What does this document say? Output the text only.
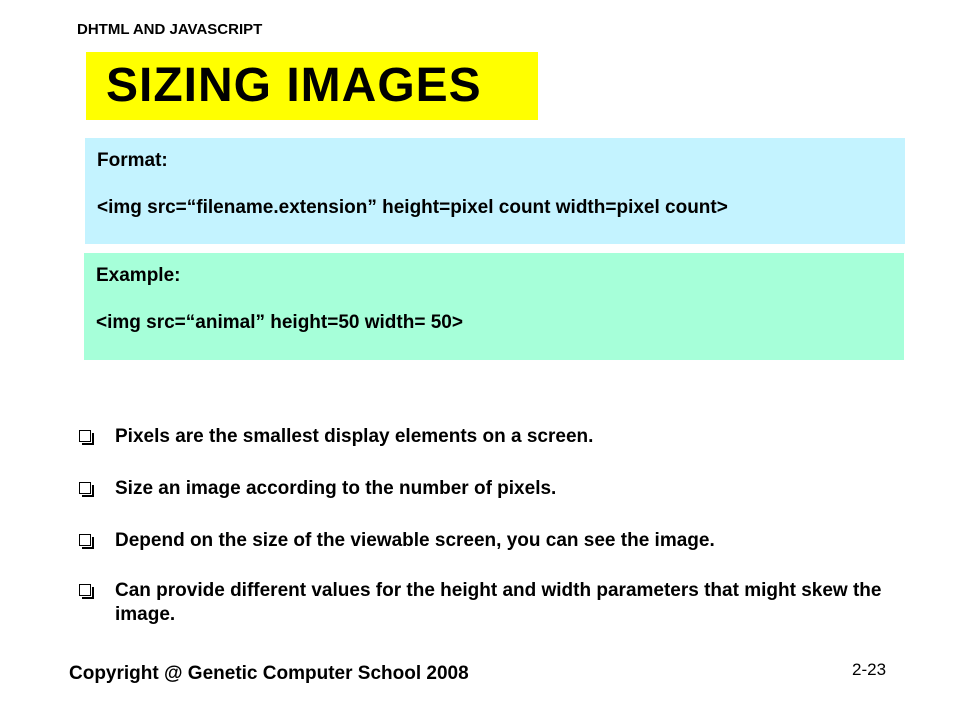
DHTML AND JAVASCRIPT
SIZING IMAGES
Format:
<img src=“filename.extension” height=pixel count width=pixel count>
Example:
<img src=“animal” height=50 width= 50>
Pixels are the smallest display elements on a screen.
Size an image according to the number of pixels.
Depend on the size of the viewable screen, you can see the image.
Can provide different values for the height and width parameters that might skew the image.
Copyright @ Genetic Computer School 2008	2-23
